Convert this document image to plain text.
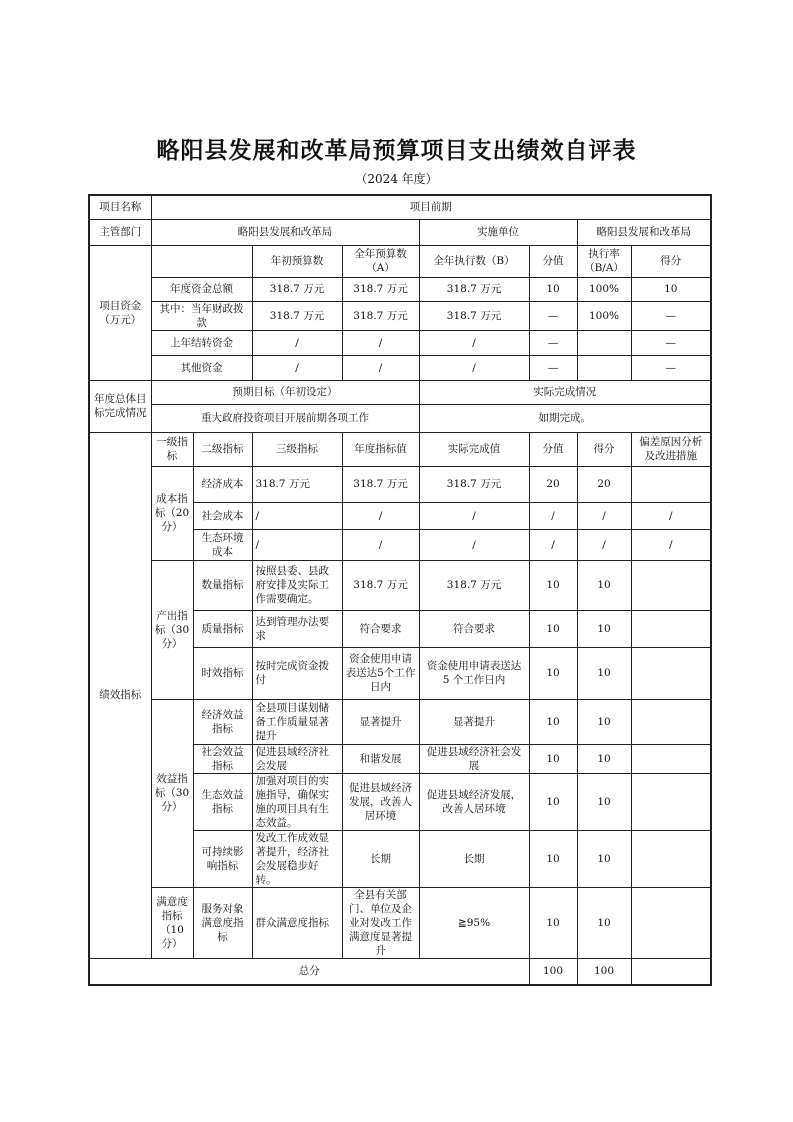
略阳县发展和改革局预算项目支出绩效自评表
（2024 年度）
项目名称	项目前期							
主管部门	略阳县发展和改革局				实施单位		略阳县发展和改革局	
项目资金（万元）			年初预算数	全年预算数（A）	全年执行数（B）	分值	执行率（B/A）	得分
	年度资金总额		318.7 万元	318.7 万元	318.7 万元	10	100%	10
	其中：当年财政拨款		318.7 万元	318.7 万元	318.7 万元	—	100%	—
	上年结转资金		/	/	/	—		—
	其他资金		/	/	/	—		—
年度总体目标完成情况	预期目标（年初设定）				实际完成情况			
	重大政府投资项目开展前期各项工作				如期完成。			
绩效指标	一级指标	二级指标	三级指标	年度指标值	实际完成值	分值	得分	偏差原因分析及改进措施
	成本指标（20分）	经济成本	318.7 万元	318.7 万元	318.7 万元	20	20	
		社会成本	/	/	/	/	/	/
		生态环境成本	/	/	/	/	/	/
	产出指标（30分）	数量指标	按照县委、县政府安排及实际工作需要确定。	318.7 万元	318.7 万元	10	10	
		质量指标	达到管理办法要求	符合要求	符合要求	10	10	
		时效指标	按时完成资金拨付	资金使用申请表送达5个工作日内	资金使用申请表送达 5 个工作日内	10	10	
	效益指标（30分）	经济效益指标	全县项目谋划储备工作质量显著提升	显著提升	显著提升	10	10	
		社会效益指标	促进县域经济社会发展	和谐发展	促进县域经济社会发展	10	10	
		生态效益指标	加强对项目的实施指导，确保实施的项目具有生态效益。	促进县域经济发展，改善人居环境	促进县域经济发展，改善人居环境	10	10	
		可持续影响指标	发改工作成效显著提升，经济社会发展稳步好转。	长期	长期	10	10	
	满意度指标（10分）	服务对象满意度指标	群众满意度指标	全县有关部门、单位及企业对发改工作满意度显著提升	≧95%	10	10	
总分						100	100	
